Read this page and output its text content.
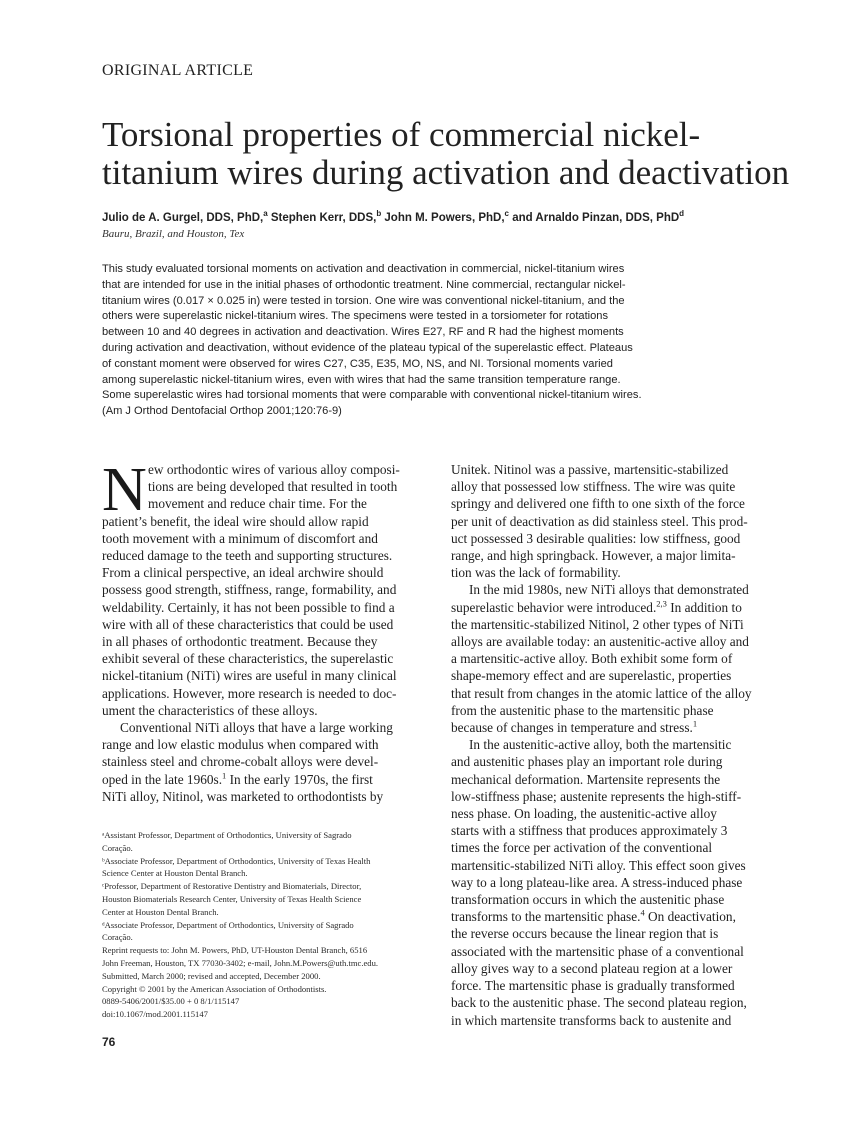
ORIGINAL ARTICLE
Torsional properties of commercial nickel-
titanium wires during activation and deactivation
Julio de A. Gurgel, DDS, PhD,$^a$ Stephen Kerr, DDS,$^b$ John M. Powers, PhD,$^c$ and Arnaldo Pinzan, DDS, PhD$^d$
Bauru, Brazil, and Houston, Tex
This study evaluated torsional moments on activation and deactivation in commercial, nickel-titanium wires
that are intended for use in the initial phases of orthodontic treatment. Nine commercial, rectangular nickel-
titanium wires (0.017 × 0.025 in) were tested in torsion. One wire was conventional nickel-titanium, and the
others were superelastic nickel-titanium wires. The specimens were tested in a torsiometer for rotations
between 10 and 40 degrees in activation and deactivation. Wires E27, RF and R had the highest moments
during activation and deactivation, without evidence of the plateau typical of the superelastic effect. Plateaus
of constant moment were observed for wires C27, C35, E35, MO, NS, and NI. Torsional moments varied
among superelastic nickel-titanium wires, even with wires that had the same transition temperature range.
Some superelastic wires had torsional moments that were comparable with conventional nickel-titanium wires.
(Am J Orthod Dentofacial Orthop 2001;120:76-9)
N ew orthodontic wires of various alloy composi-
tions are being developed that resulted in tooth
movement and reduce chair time. For the
patient’s benefit, the ideal wire should allow rapid
tooth movement with a minimum of discomfort and
reduced damage to the teeth and supporting structures.
From a clinical perspective, an ideal archwire should
possess good strength, stiffness, range, formability, and
weldability. Certainly, it has not been possible to find a
wire with all of these characteristics that could be used
in all phases of orthodontic treatment. Because they
exhibit several of these characteristics, the superelastic
nickel-titanium (NiTi) wires are useful in many clinical
applications. However, more research is needed to doc-
ument the characteristics of these alloys.
Conventional NiTi alloys that have a large working
range and low elastic modulus when compared with
stainless steel and chrome-cobalt alloys were devel-
oped in the late 1960s.$^1$ In the early 1970s, the first
NiTi alloy, Nitinol, was marketed to orthodontists by
ᵃAssistant Professor, Department of Orthodontics, University of Sagrado
Coração.
ᵇAssociate Professor, Department of Orthodontics, University of Texas Health
Science Center at Houston Dental Branch.
ᶜProfessor, Department of Restorative Dentistry and Biomaterials, Director,
Houston Biomaterials Research Center, University of Texas Health Science
Center at Houston Dental Branch.
ᵈAssociate Professor, Department of Orthodontics, University of Sagrado
Coração.
Reprint requests to: John M. Powers, PhD, UT-Houston Dental Branch, 6516
John Freeman, Houston, TX 77030-3402; e-mail, John.M.Powers@uth.tmc.edu.
Submitted, March 2000; revised and accepted, December 2000.
Copyright © 2001 by the American Association of Orthodontists.
0889-5406/2001/$35.00 + 0 8/1/115147
doi:10.1067/mod.2001.115147
Unitek. Nitinol was a passive, martensitic-stabilized
alloy that possessed low stiffness. The wire was quite
springy and delivered one fifth to one sixth of the force
per unit of deactivation as did stainless steel. This prod-
uct possessed 3 desirable qualities: low stiffness, good
range, and high springback. However, a major limita-
tion was the lack of formability.
In the mid 1980s, new NiTi alloys that demonstrated
superelastic behavior were introduced.$^{2,3}$ In addition to
the martensitic-stabilized Nitinol, 2 other types of NiTi
alloys are available today: an austenitic-active alloy and
a martensitic-active alloy. Both exhibit some form of
shape-memory effect and are superelastic, properties
that result from changes in the atomic lattice of the alloy
from the austenitic phase to the martensitic phase
because of changes in temperature and stress.$^1$
In the austenitic-active alloy, both the martensitic
and austenitic phases play an important role during
mechanical deformation. Martensite represents the
low-stiffness phase; austenite represents the high-stiff-
ness phase. On loading, the austenitic-active alloy
starts with a stiffness that produces approximately 3
times the force per activation of the conventional
martensitic-stabilized NiTi alloy. This effect soon gives
way to a long plateau-like area. A stress-induced phase
transformation occurs in which the austenitic phase
transforms to the martensitic phase.$^4$ On deactivation,
the reverse occurs because the linear region that is
associated with the martensitic phase of a conventional
alloy gives way to a second plateau region at a lower
force. The martensitic phase is gradually transformed
back to the austenitic phase. The second plateau region,
in which martensite transforms back to austenite and
76
